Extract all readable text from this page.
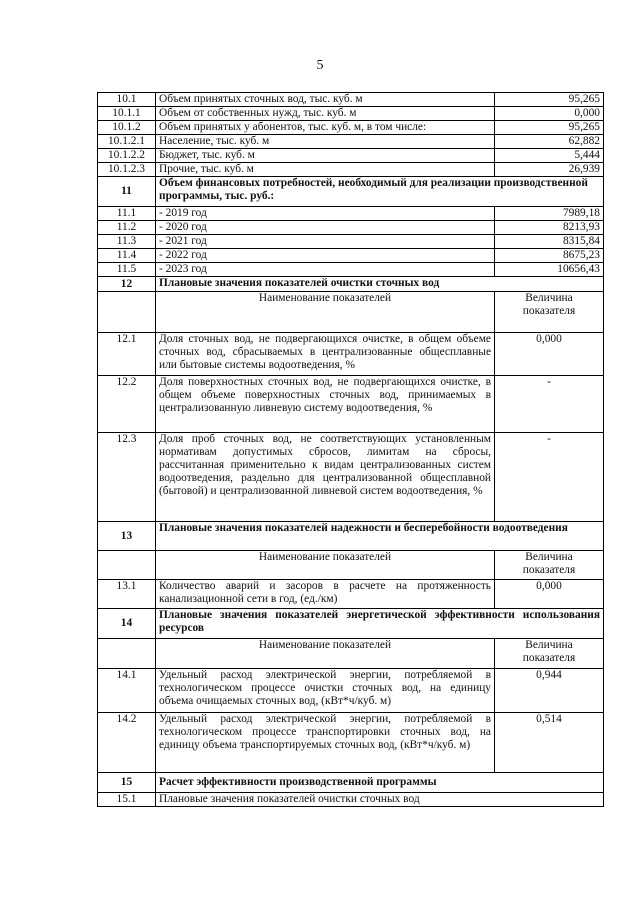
5
10.1	Объем принятых сточных вод, тыс. куб. м	95,265
10.1.1	Объем от собственных нужд, тыс. куб. м	0,000
10.1.2	Объем принятых у абонентов, тыс. куб. м, в том числе:	95,265
10.1.2.1	Население, тыс. куб. м	62,882
10.1.2.2	Бюджет, тыс. куб. м	5,444
10.1.2.3	Прочие, тыс. куб. м	26,939
11	Объем финансовых потребностей, необходимый для реализации производственной программы, тыс. руб.:	
11.1	- 2019 год	7989,18
11.2	- 2020 год	8213,93
11.3	- 2021 год	8315,84
11.4	- 2022 год	8675,23
11.5	- 2023 год	10656,43
12	Плановые значения показателей очистки сточных вод	
	Наименование показателей	Величина показателя
12.1	Доля сточных вод, не подвергающихся очистке, в общем объеме сточных вод, сбрасываемых в централизованные общесплавные или бытовые системы водоотведения, %	0,000
12.2	Доля поверхностных сточных вод, не подвергающихся очистке, в общем объеме поверхностных сточных вод, принимаемых в централизованную ливневую систему водоотведения, %	-
12.3	Доля проб сточных вод, не соответствующих установленным нормативам допустимых сбросов, лимитам на сбросы, рассчитанная применительно к видам централизованных систем водоотведения, раздельно для централизованной общесплавной (бытовой) и централизованной ливневой систем водоотведения, %	-
13	Плановые значения показателей надежности и бесперебойности водоотведения	
	Наименование показателей	Величина показателя
13.1	Количество аварий и засоров в расчете на протяженность канализационной сети в год, (ед./км)	0,000
14	Плановые значения показателей энергетической эффективности использования ресурсов	
	Наименование показателей	Величина показателя
14.1	Удельный расход электрической энергии, потребляемой в технологическом процессе очистки сточных вод, на единицу объема очищаемых сточных вод, (кВт*ч/куб. м)	0,944
14.2	Удельный расход электрической энергии, потребляемой в технологическом процессе транспортировки сточных вод, на единицу объема транспортируемых сточных вод, (кВт*ч/куб. м)	0,514
15	Расчет эффективности производственной программы	
15.1	Плановые значения показателей очистки сточных вод	
